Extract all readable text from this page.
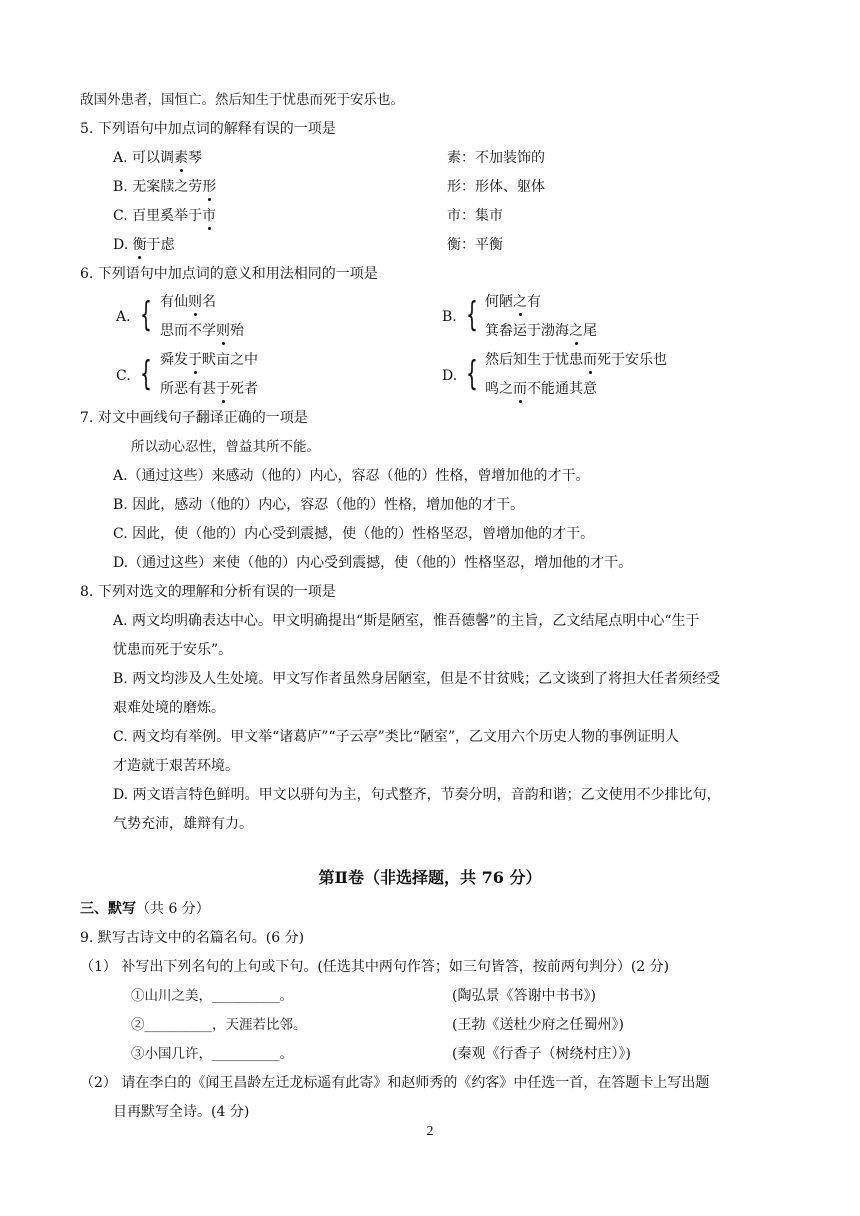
敌国外患者，国恒亡。然后知生于忧患而死于安乐也。
5. 下列语句中加点词的解释有误的一项是
A. 可以调素琴	素：不加装饰的
B. 无案牍之劳形	形：形体、躯体
C. 百里奚举于市	市：集市
D. 衡于虑	衡：平衡
6. 下列语句中加点词的意义和用法相同的一项是
A. { 有仙则名
思而不学则殆
B. { 何陋之有
箕畚运于渤海之尾
C. { 舜发于畎亩之中
所恶有甚于死者
D. { 然后知生于忧患而死于安乐也
鸣之而不能通其意
7. 对文中画线句子翻译正确的一项是
所以动心忍性，曾益其所不能。
A.（通过这些）来感动（他的）内心，容忍（他的）性格，曾增加他的才干。
B. 因此，感动（他的）内心，容忍（他的）性格，增加他的才干。
C. 因此，使（他的）内心受到震撼，使（他的）性格坚忍，曾增加他的才干。
D.（通过这些）来使（他的）内心受到震撼，使（他的）性格坚忍，增加他的才干。
8. 下列对选文的理解和分析有误的一项是
A. 两文均明确表达中心。甲文明确提出“斯是陋室，惟吾德馨”的主旨，乙文结尾点明中心“生于
忧患而死于安乐”。
B. 两文均涉及人生处境。甲文写作者虽然身居陋室，但是不甘贫贱；乙文谈到了将担大任者须经受
艰难处境的磨炼。
C. 两文均有举例。甲文举“诸葛庐”“子云亭”类比“陋室”，乙文用六个历史人物的事例证明人
才造就于艰苦环境。
D. 两文语言特色鲜明。甲文以骈句为主，句式整齐，节奏分明，音韵和谐；乙文使用不少排比句，
气势充沛，雄辩有力。
第Ⅱ卷（非选择题，共 76 分）
三、默写（共 6 分）
9. 默写古诗文中的名篇名句。(6 分)
（1） 补写出下列名句的上句或下句。(任选其中两句作答；如三句皆答，按前两句判分）(2 分)
①山川之美，__________。	(陶弘景《答谢中书书》)
②__________，天涯若比邻。	(王勃《送杜少府之任蜀州》)
③小国几许，__________。	(秦观《行香子（树绕村庄）》)
（2） 请在李白的《闻王昌龄左迁龙标遥有此寄》和赵师秀的《约客》中任选一首，在答题卡上写出题
目再默写全诗。(4 分)
2
